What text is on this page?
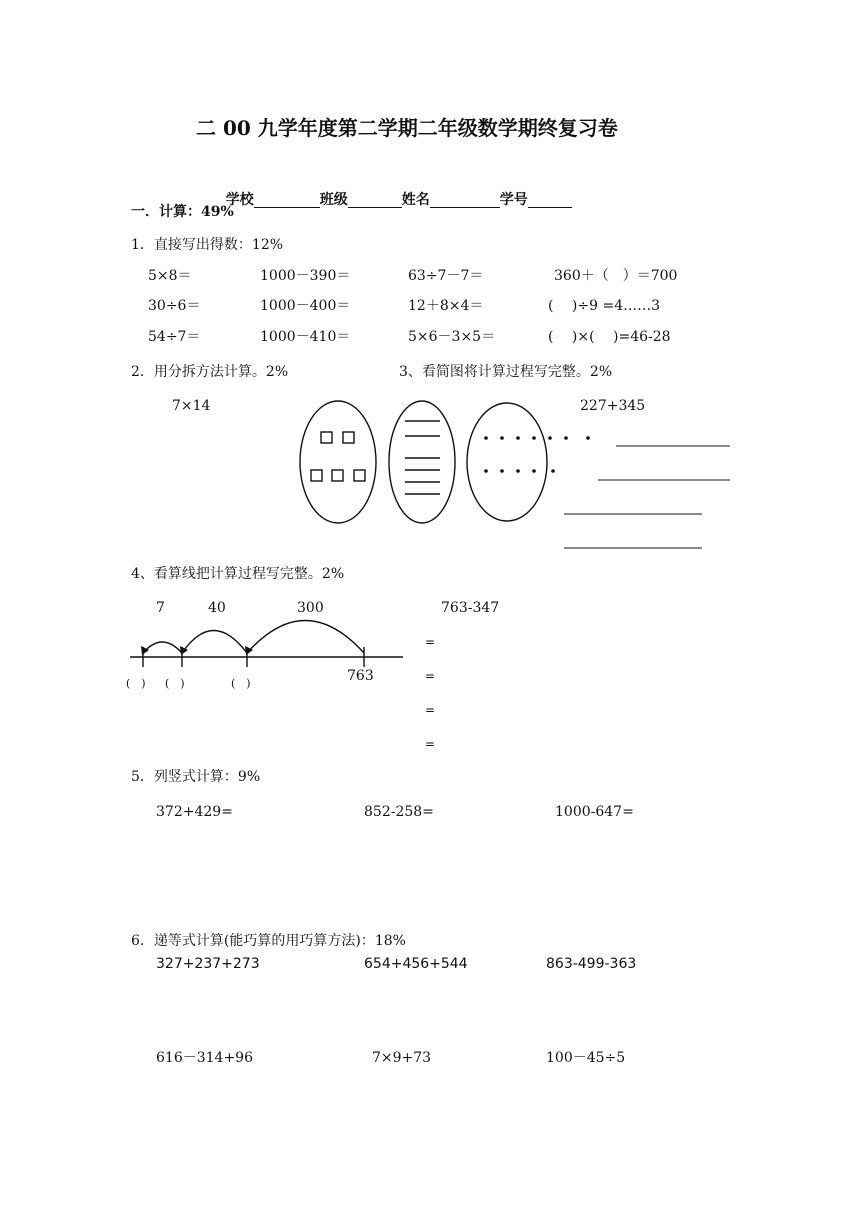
二 00 九学年度第二学期二年级数学期终复习卷

学校	班级	姓名	学号

一．计算：49%
1．直接写出得数：12%
5×8＝	1000－390＝	63÷7－7＝	360＋（　）＝700
30÷6＝	1000－400＝	12＋8×4＝	(　 )÷9 =4……3
54÷7＝	1000－410＝	5×6－3×5＝	(　 )×(　 )=46-28
2．用分拆方法计算。2%	3、看简图将计算过程写完整。2%
7×14	227+345
4、看算线把计算过程写完整。2%
7	40	300	763-347
763
(　) (　)	(　)
=
=
=
=
5．列竖式计算：9%
372+429=	852-258=	1000-647=
6．递等式计算(能巧算的用巧算方法)：18%
327+237+273	654+456+544	863-499-363
616－314+96	7×9+73	100－45÷5
